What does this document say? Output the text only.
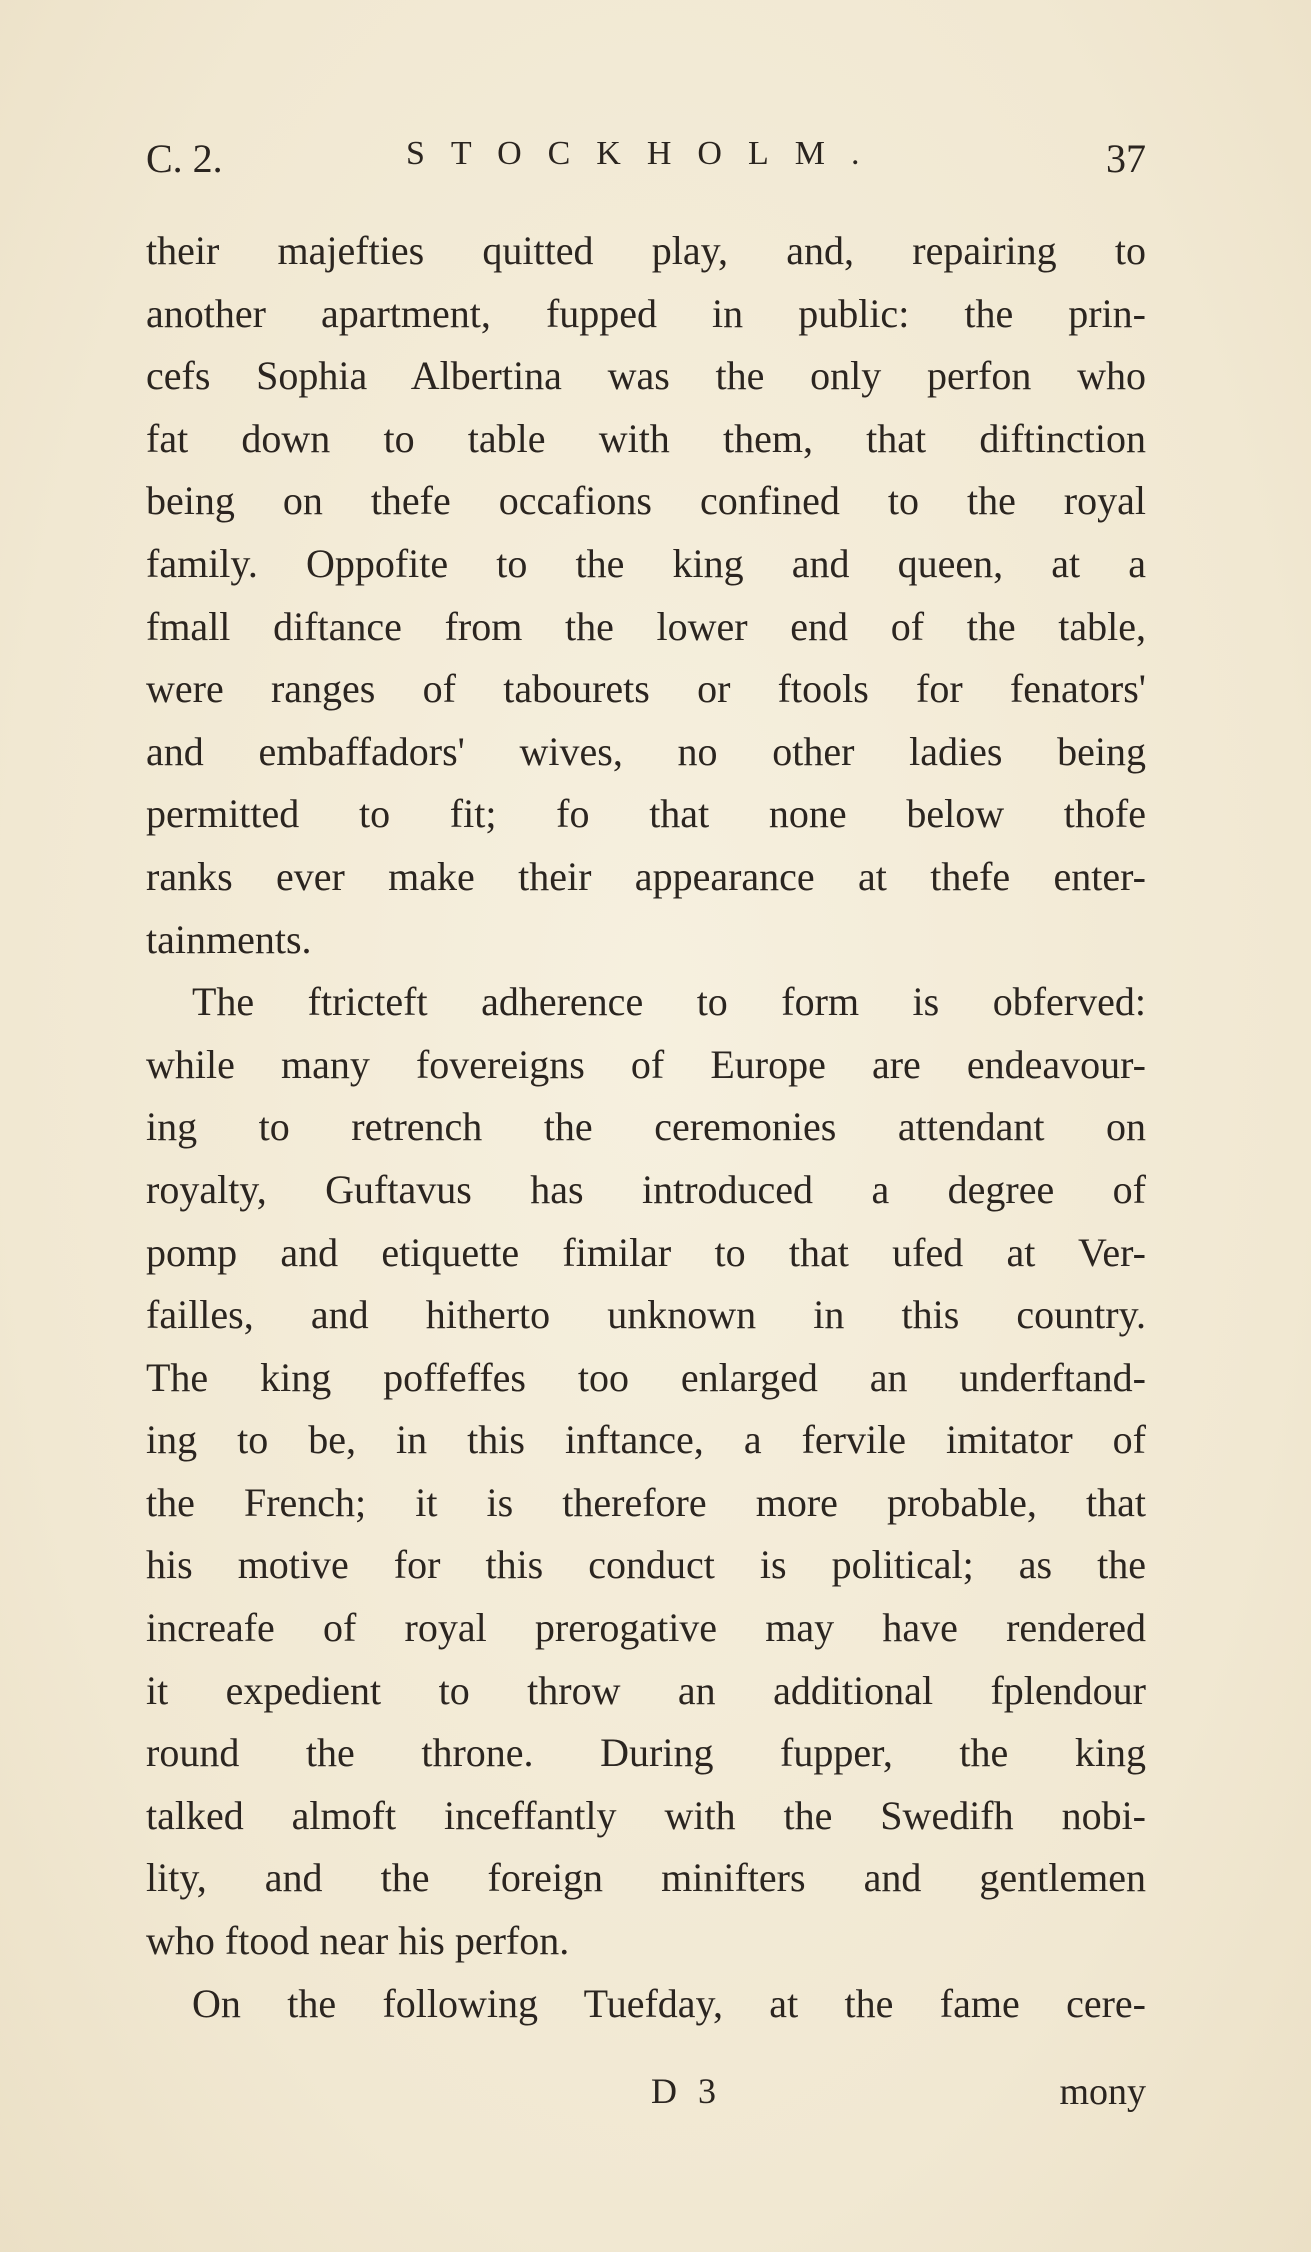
C. 2.	STOCKHOLM.	37
their majefties quitted play, and, repairing to
another apartment, fupped in public: the prin-
cefs Sophia Albertina was the only perfon who
fat down to table with them, that diftinction
being on thefe occafions confined to the royal
family. Oppofite to the king and queen, at a
fmall diftance from the lower end of the table,
were ranges of tabourets or ftools for fenators'
and embaffadors' wives, no other ladies being
permitted to fit; fo that none below thofe
ranks ever make their appearance at thefe enter-
tainments.
The ftricteft adherence to form is obferved:
while many fovereigns of Europe are endeavour-
ing to retrench the ceremonies attendant on
royalty, Guftavus has introduced a degree of
pomp and etiquette fimilar to that ufed at Ver-
failles, and hitherto unknown in this country.
The king poffeffes too enlarged an underftand-
ing to be, in this inftance, a fervile imitator of
the French; it is therefore more probable, that
his motive for this conduct is political; as the
increafe of royal prerogative may have rendered
it expedient to throw an additional fplendour
round the throne. During fupper, the king
talked almoft inceffantly with the Swedifh nobi-
lity, and the foreign minifters and gentlemen
who ftood near his perfon.
On the following Tuefday, at the fame cere-
D 3	mony
